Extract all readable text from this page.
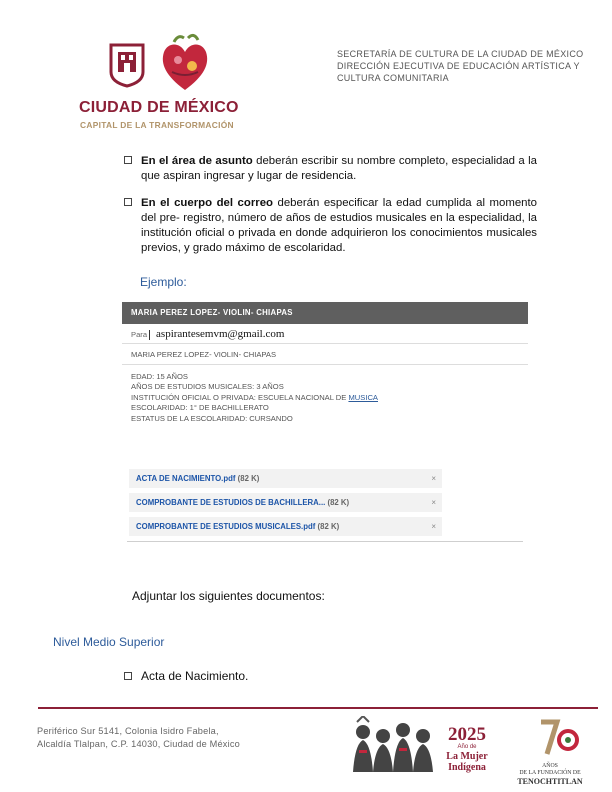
CIUDAD DE MÉXICO
CAPITAL DE LA TRANSFORMACIÓN
SECRETARÍA DE CULTURA DE LA CIUDAD DE MÉXICO
DIRECCIÓN EJECUTIVA DE EDUCACIÓN ARTÍSTICA Y CULTURA COMUNITARIA
En el área de asunto deberán escribir su nombre completo, especialidad a la que aspiran ingresar y lugar de residencia.
En el cuerpo del correo deberán especificar la edad cumplida al momento del pre- registro, número de años de estudios musicales en la especialidad, la institución oficial o privada en donde adquirieron los conocimientos musicales previos, y grado máximo de escolaridad.
Ejemplo:
MARIA PEREZ LOPEZ- VIOLIN- CHIAPAS
Para aspirantesemvm@gmail.com
MARIA PEREZ LOPEZ- VIOLIN- CHIAPAS
EDAD: 15 AÑOS
AÑOS DE ESTUDIOS MUSICALES: 3 AÑOS
INSTITUCIÓN OFICIAL O PRIVADA: ESCUELA NACIONAL DE MUSICA
ESCOLARIDAD: 1° DE BACHILLERATO
ESTATUS DE LA ESCOLARIDAD: CURSANDO
ACTA DE NACIMIENTO.pdf (82 K)	×
COMPROBANTE DE ESTUDIOS DE BACHILLERA... (82 K)	×
COMPROBANTE DE ESTUDIOS MUSICALES.pdf (82 K)	×
Adjuntar los siguientes documentos:
Nivel Medio Superior
Acta de Nacimiento.
Periférico Sur 5141, Colonia Isidro Fabela,
Alcaldía Tlalpan, C.P. 14030, Ciudad de México	2025
Año de
La Mujer
Indígena	AÑOS
DE LA FUNDACIÓN DE
TENOCHTITLAN
